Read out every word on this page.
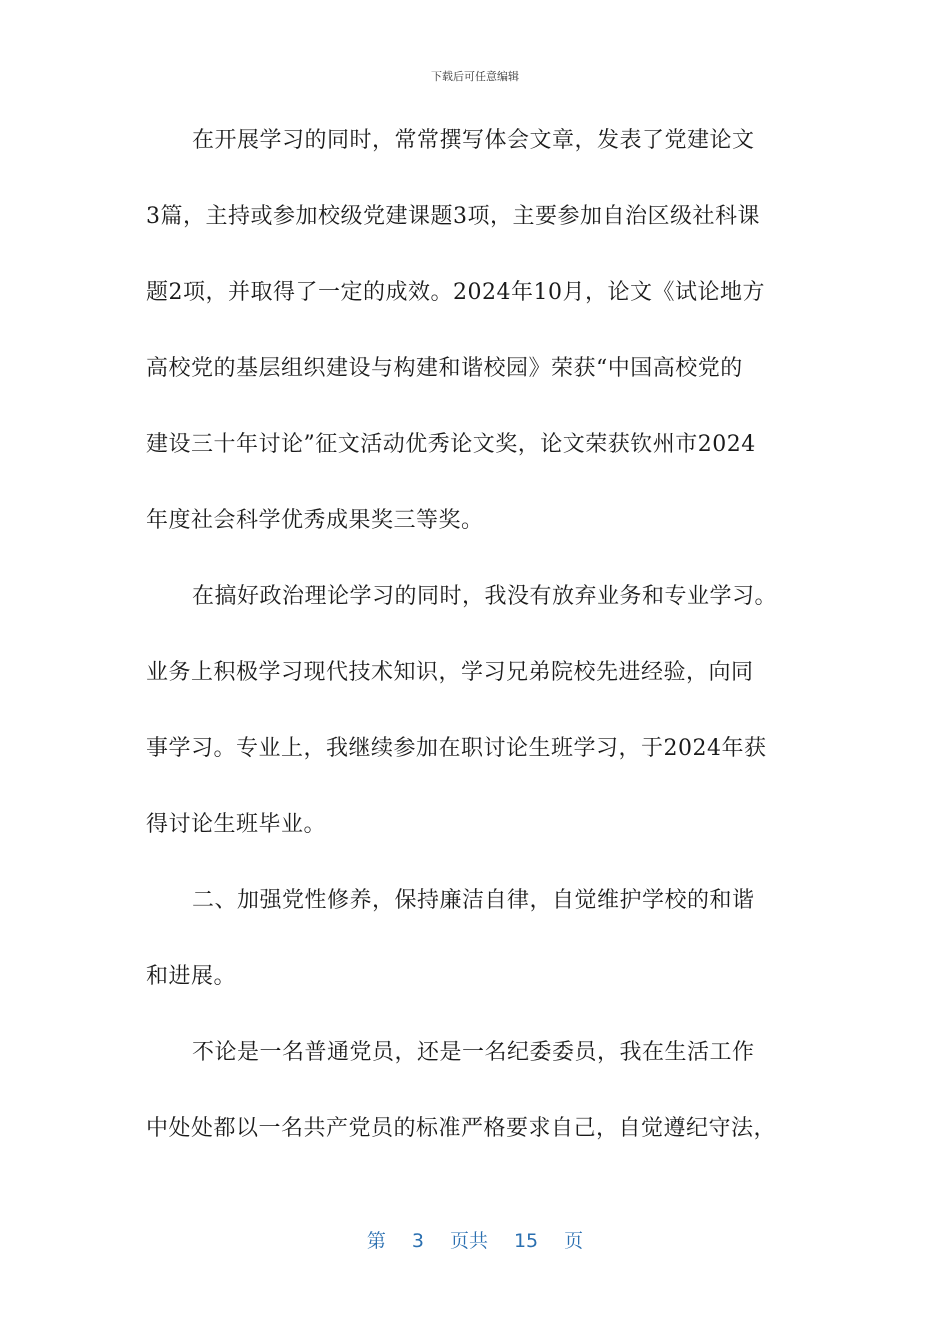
下载后可任意编辑
在开展学习的同时，常常撰写体会文章，发表了党建论文
3篇，主持或参加校级党建课题3项，主要参加自治区级社科课
题2项，并取得了一定的成效。2024年10月，论文《试论地方
高校党的基层组织建设与构建和谐校园》荣获“中国高校党的
建设三十年讨论”征文活动优秀论文奖，论文荣获钦州市2024
年度社会科学优秀成果奖三等奖。
在搞好政治理论学习的同时，我没有放弃业务和专业学习。
业务上积极学习现代技术知识，学习兄弟院校先进经验，向同
事学习。专业上，我继续参加在职讨论生班学习，于2024年获
得讨论生班毕业。
二、加强党性修养，保持廉洁自律，自觉维护学校的和谐
和进展。
不论是一名普通党员，还是一名纪委委员，我在生活工作
中处处都以一名共产党员的标准严格要求自己，自觉遵纪守法，
第 3 页共 15 页
